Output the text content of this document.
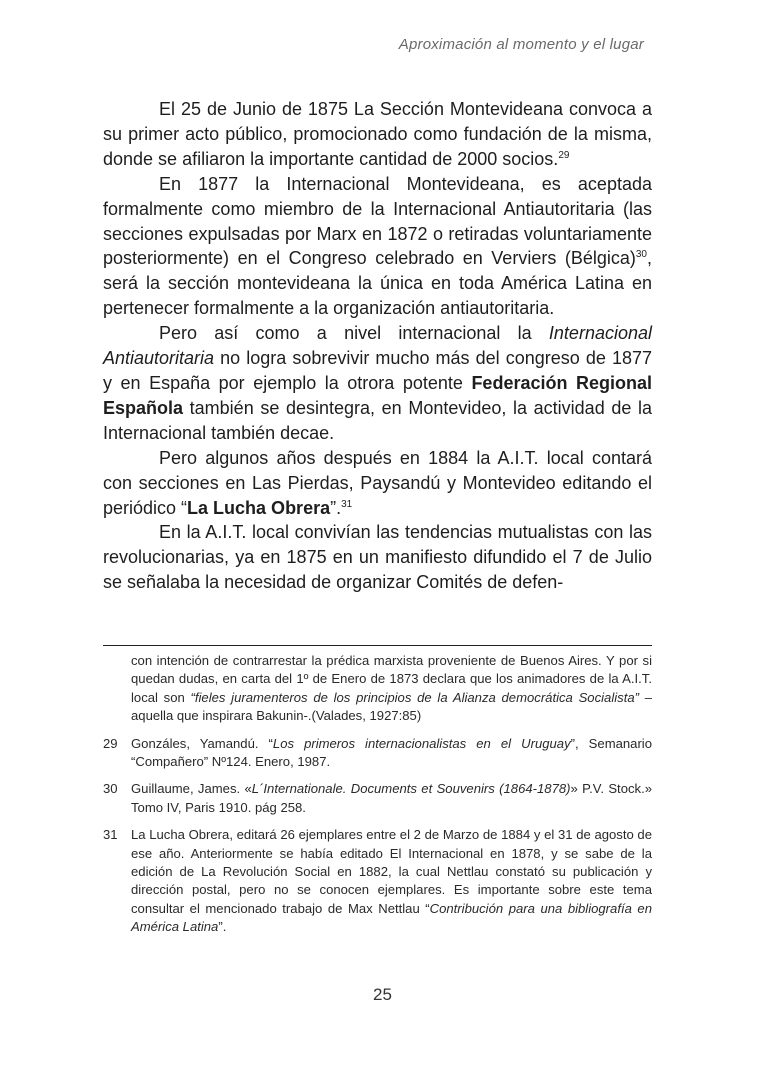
Aproximación al momento y el lugar

El 25 de Junio de 1875 La Sección Montevideana convoca a su primer acto público, promocionado como fundación de la misma, donde se afiliaron la importante cantidad de 2000 socios.$^{29}$

En 1877 la Internacional Montevideana, es aceptada formalmente como miembro de la Internacional Antiautoritaria (las secciones expulsadas por Marx en 1872 o retiradas voluntariamente posteriormente) en el Congreso celebrado en Verviers (Bélgica)$^{30}$, será la sección montevideana la única en toda América Latina en pertenecer formalmente a la organización antiautoritaria.

Pero así como a nivel internacional la Internacional Antiautoritaria no logra sobrevivir mucho más del congreso de 1877 y en España por ejemplo la otrora potente Federación Regional Española también se desintegra, en Montevideo, la actividad de la Internacional también decae.

Pero algunos años después en 1884 la A.I.T. local contará con secciones en Las Pierdas, Paysandú y Montevideo editando el periódico “La Lucha Obrera”.$^{31}$

En la A.I.T. local convivían las tendencias mutualistas con las revolucionarias, ya en 1875 en un manifiesto difundido el 7 de Julio se señalaba la necesidad de organizar Comités de defen-

con intención de contrarrestar la prédica marxista proveniente de Buenos Aires. Y por si quedan dudas, en carta del 1º de Enero de 1873 declara que los animadores de la A.I.T. local son “fieles juramenteros de los principios de la Alianza democrática Socialista” –aquella que inspirara Bakunin-.(Valades, 1927:85)
29	Gonzáles, Yamandú. “Los primeros internacionalistas en el Uruguay”, Semanario “Compañero” Nº124. Enero, 1987.
30	Guillaume, James. «L´Internationale. Documents et Souvenirs (1864-1878)» P.V. Stock.» Tomo IV, Paris 1910. pág 258.
31	La Lucha Obrera, editará 26 ejemplares entre el 2 de Marzo de 1884 y el 31 de agosto de ese año. Anteriormente se había editado El Internacional en 1878, y se sabe de la edición de La Revolución Social en 1882, la cual Nettlau constató su publicación y dirección postal, pero no se conocen ejemplares. Es importante sobre este tema consultar el mencionado trabajo de Max Nettlau “Contribución para una bibliografía en América Latina”.
25
